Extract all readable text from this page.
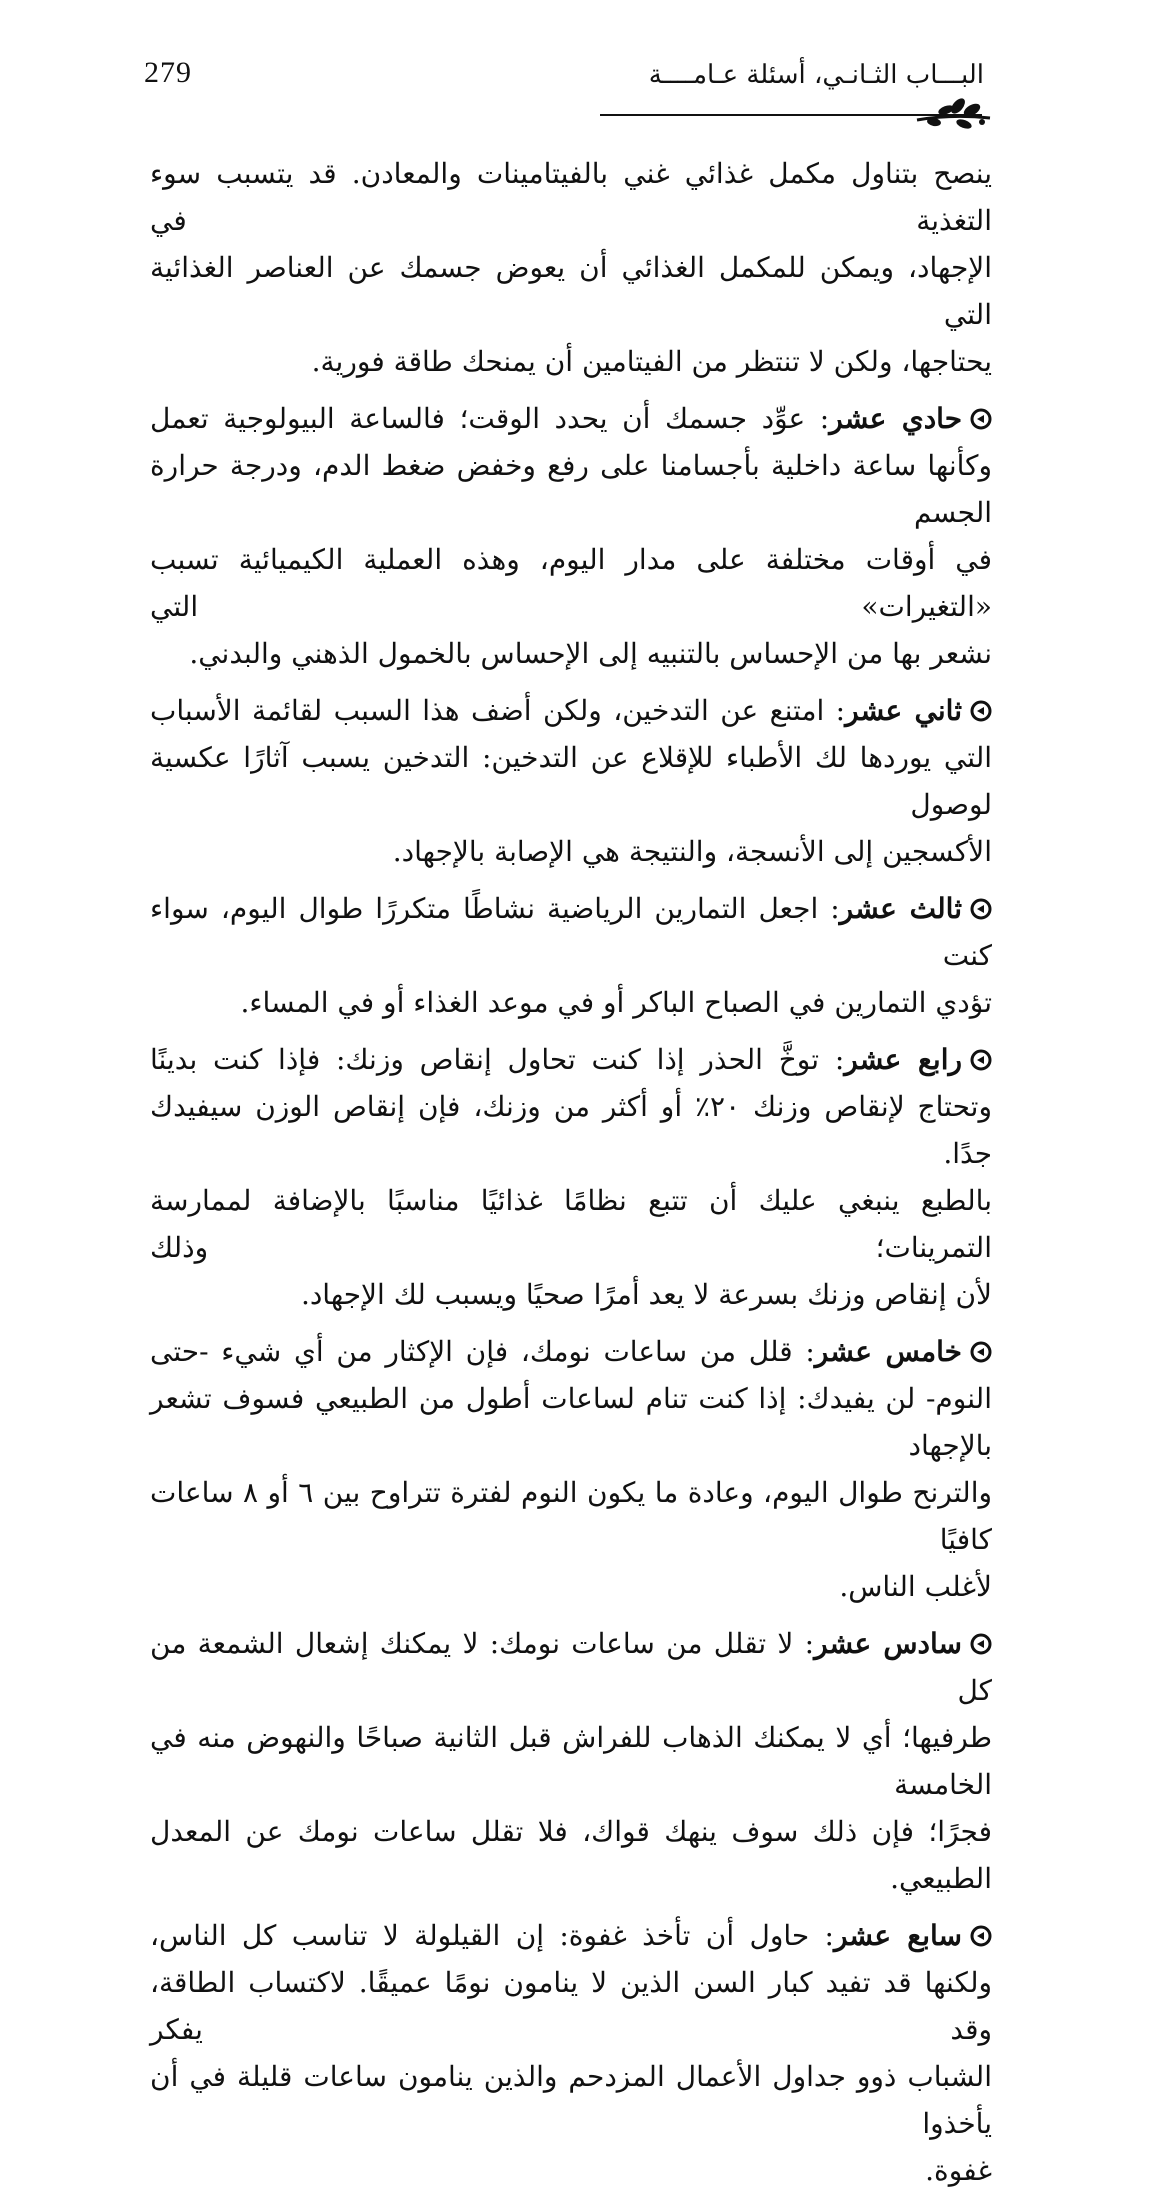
279	البـــاب الثـانـي، أسئلة عـامــــة
ينصح بتناول مكمل غذائي غني بالفيتامينات والمعادن. قد يتسبب سوء التغذية في
الإجهاد، ويمكن للمكمل الغذائي أن يعوض جسمك عن العناصر الغذائية التي
يحتاجها، ولكن لا تنتظر من الفيتامين أن يمنحك طاقة فورية.
حادي عشر: عوِّد جسمك أن يحدد الوقت؛ فالساعة البيولوجية تعمل
وكأنها ساعة داخلية بأجسامنا على رفع وخفض ضغط الدم، ودرجة حرارة الجسم
في أوقات مختلفة على مدار اليوم، وهذه العملية الكيميائية تسبب «التغيرات» التي
نشعر بها من الإحساس بالتنبيه إلى الإحساس بالخمول الذهني والبدني.
ثاني عشر: امتنع عن التدخين، ولكن أضف هذا السبب لقائمة الأسباب
التي يوردها لك الأطباء للإقلاع عن التدخين: التدخين يسبب آثارًا عكسية لوصول
الأكسجين إلى الأنسجة، والنتيجة هي الإصابة بالإجهاد.
ثالث عشر: اجعل التمارين الرياضية نشاطًا متكررًا طوال اليوم، سواء كنت
تؤدي التمارين في الصباح الباكر أو في موعد الغذاء أو في المساء.
رابع عشر: توخَّ الحذر إذا كنت تحاول إنقاص وزنك: فإذا كنت بدينًا
وتحتاج لإنقاص وزنك ٢٠٪ أو أكثر من وزنك، فإن إنقاص الوزن سيفيدك جدًا.
بالطبع ينبغي عليك أن تتبع نظامًا غذائيًا مناسبًا بالإضافة لممارسة التمرينات؛ وذلك
لأن إنقاص وزنك بسرعة لا يعد أمرًا صحيًا ويسبب لك الإجهاد.
خامس عشر: قلل من ساعات نومك، فإن الإكثار من أي شيء -حتى
النوم- لن يفيدك: إذا كنت تنام لساعات أطول من الطبيعي فسوف تشعر بالإجهاد
والترنح طوال اليوم، وعادة ما يكون النوم لفترة تتراوح بين ٦ أو ٨ ساعات كافيًا
لأغلب الناس.
سادس عشر: لا تقلل من ساعات نومك: لا يمكنك إشعال الشمعة من كل
طرفيها؛ أي لا يمكنك الذهاب للفراش قبل الثانية صباحًا والنهوض منه في الخامسة
فجرًا؛ فإن ذلك سوف ينهك قواك، فلا تقلل ساعات نومك عن المعدل الطبيعي.
سابع عشر: حاول أن تأخذ غفوة: إن القيلولة لا تناسب كل الناس،
ولكنها قد تفيد كبار السن الذين لا ينامون نومًا عميقًا. لاكتساب الطاقة، وقد يفكر
الشباب ذوو جداول الأعمال المزدحم والذين ينامون ساعات قليلة في أن يأخذوا
غفوة.
